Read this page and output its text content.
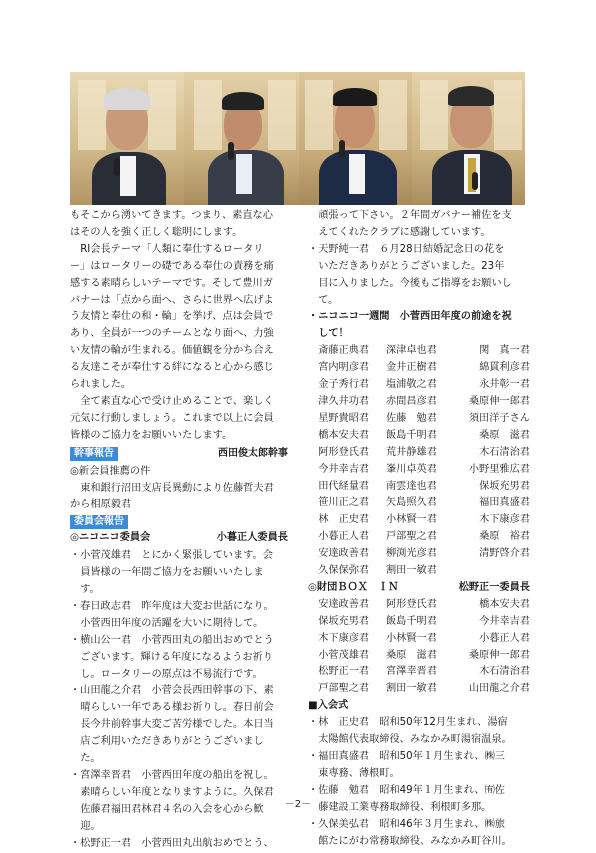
もそこから湧いてきます。つまり、素直な心

はその人を強く正しく聡明にします。

RI会長テーマ「人類に奉仕するロータリ

ー」はロータリーの礎である奉仕の責務を痛

感する素晴らしいテーマです。そして豊川ガ

バナーは「点から面へ、さらに世界へ広げよ

う友情と奉仕の和・輪」を挙げ、点は会員で

あり、全員が一つのチームとなり面へ、力強

い友情の輪が生まれる。価値観を分かち合え

る友達こそが奉仕する絆になると心から感じ

られました。

全て素直な心で受け止めることで、楽しく

元気に行動しましょう。これまで以上に会員

皆様のご協力をお願いいたします。

幹事報告	西田俊太郎幹事

◎新会員推薦の件

東和銀行沼田支店長異動により佐藤哲夫君

から相原毅君

委員会報告
◎ニコニコ委員会	小暮正人委員長

・小菅茂雄君　とにかく緊張しています。会

員皆様の一年間ご協力をお願いいたしま

す。

・春日政志君　昨年度は大変お世話になり。

小菅西田年度の活躍を大いに期待して。

・横山公一君　小菅西田丸の船出おめでとう

ございます。輝ける年度になるようお祈り

し。ロータリーの原点は不易流行です。

・山田龍之介君　小菅会長西田幹事の下、素

晴らしい一年である様お祈りし。春日前会

長今井前幹事大変ご苦労様でした。本日当

店ご利用いただきありがとうございまし

た。

・宮澤幸晋君　小菅西田年度の船出を祝し。

素晴らしい年度となりますように。久保君

佐藤君福田君林君４名の入会を心から歓

迎。

・松野正一君　小菅西田丸出航おめでとう、

頑張って下さい。２年間ガバナー補佐を支

えてくれたクラブに感謝しています。

・天野純一君　６月28日結婚記念日の花を

いただきありがとうございました。23年

目に入りました。今後もご指導をお願いし

て。

・ニコニコ一週間　小菅西田年度の前途を祝

して！

斎藤正典君	深津卓也君	関　真一君
宮内明彦君	金井正樹君	綿貫利彦君
金子秀行君	塩浦敬之君	永井彰一君
津久井功君	赤間昌彦君	桑原伸一郎君
星野貴昭君	佐藤　勉君	須田洋子さん
橋本安夫君	飯島千明君	桑原　滋君
阿形登氏君	荒井静雄君	木石清治君
今井幸吉君	峯川卓英君	小野里雅広君
田代経量君	南雲達也君	保坂充男君
笹川正之君	矢島照久君	福田真盛君
林　正史君	小林賢一君	木下康彦君
小暮正人君	戸部聖之君	桑原　裕君
安達政善君	柳渕光彦君	清野啓介君
久保保弥君	割田一敏君
◎財団ＢＯＸ　ＩＮ	松野正一委員長
安達政善君	阿形登氏君	橋本安夫君
保坂充男君	飯島千明君	今井幸吉君
木下康彦君	小林賢一君	小暮正人君
小菅茂雄君	桑原　滋君	桑原伸一郎君
松野正一君	宮澤幸晋君	木石清治君
戸部聖之君	割田一敏君	山田龍之介君

■入会式

・林　正史君　昭和50年12月生まれ、湯宿

太陽館代表取締役、みなかみ町湯宿温泉。

・福田真盛君　昭和50年１月生まれ、㈱三

東専務、薄根町。

・佐藤　勉君　昭和49年１月生まれ、㈲佐

藤建設工業専務取締役、利根町多那。

・久保美弘君　昭和46年３月生まれ、㈱旅

館たにがわ常務取締役、みなかみ町谷川。

－2－
